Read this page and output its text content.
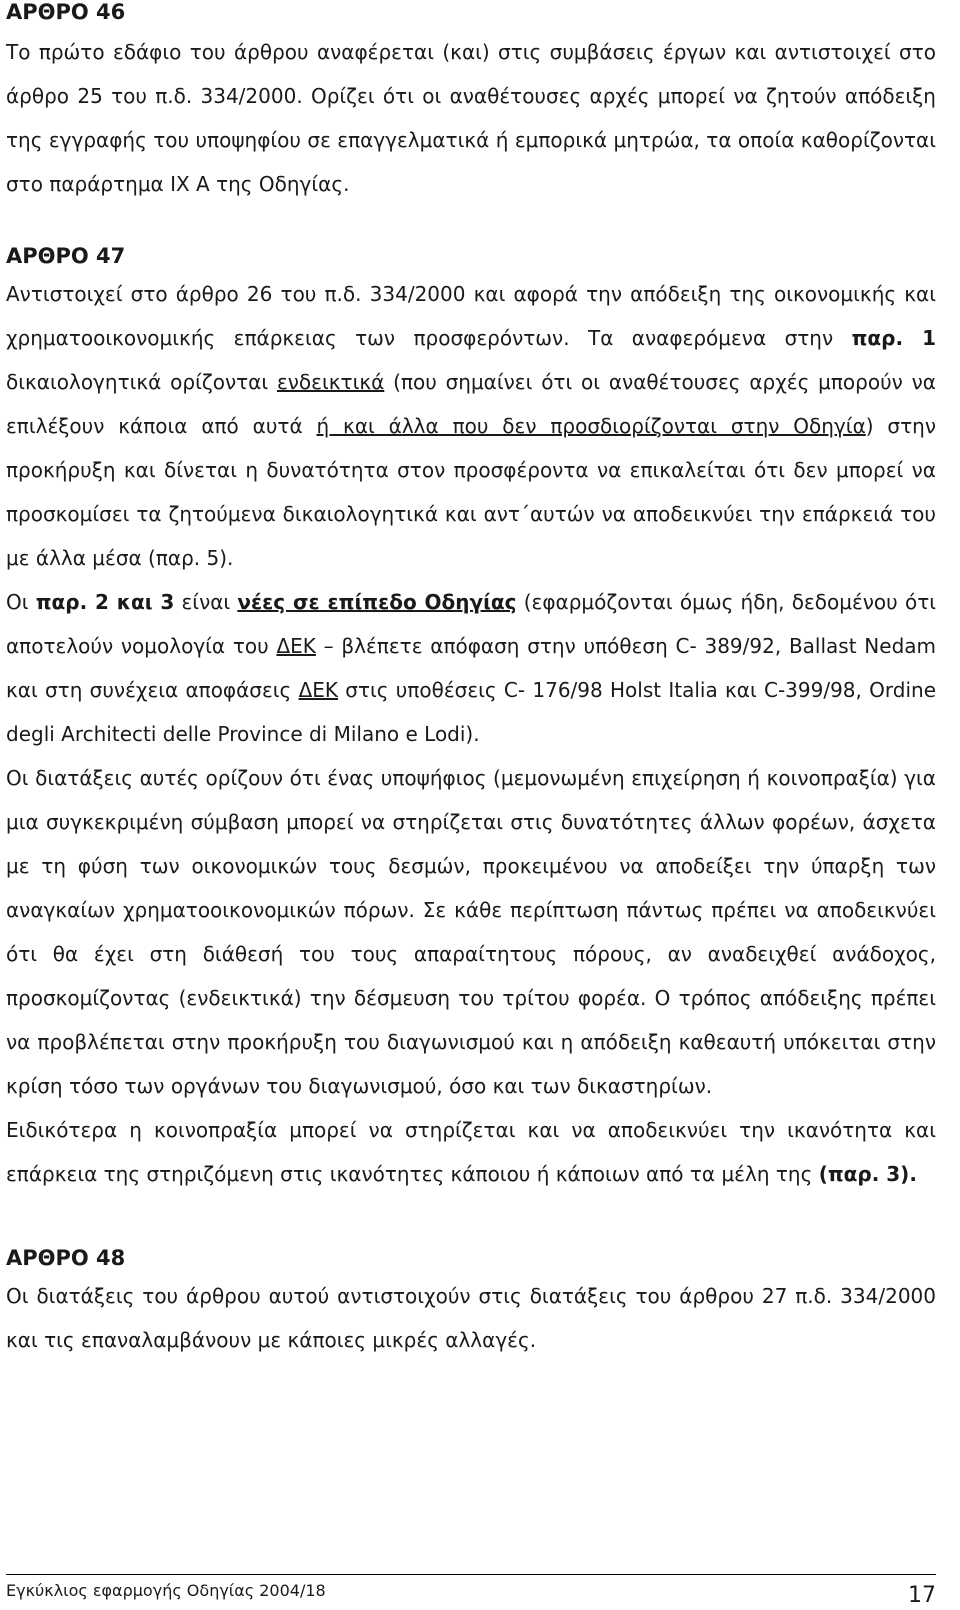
ΑΡΘΡΟ 46

Το πρώτο εδάφιο του άρθρου αναφέρεται (και) στις συμβάσεις έργων και αντιστοιχεί στο άρθρο 25 του π.δ. 334/2000. Ορίζει ότι οι αναθέτουσες αρχές μπορεί να ζητούν απόδειξη της εγγραφής του υποψηφίου σε επαγγελματικά ή εμπορικά μητρώα, τα οποία καθορίζονται στο παράρτημα IX Α της Οδηγίας.

ΑΡΘΡΟ 47

Αντιστοιχεί στο άρθρο 26 του π.δ. 334/2000 και αφορά την απόδειξη της οικονομικής και χρηματοοικονομικής επάρκειας των προσφερόντων. Τα αναφερόμενα στην παρ. 1 δικαιολογητικά ορίζονται ενδεικτικά (που σημαίνει ότι οι αναθέτουσες αρχές μπορούν να επιλέξουν κάποια από αυτά ή και άλλα που δεν προσδιορίζονται στην Οδηγία) στην προκήρυξη και δίνεται η δυνατότητα στον προσφέροντα να επικαλείται ότι δεν μπορεί να προσκομίσει τα ζητούμενα δικαιολογητικά και αντ΄αυτών να αποδεικνύει την επάρκειά του με άλλα μέσα (παρ. 5).

Οι παρ. 2 και 3 είναι νέες σε επίπεδο Οδηγίας (εφαρμόζονται όμως ήδη, δεδομένου ότι αποτελούν νομολογία του ΔΕΚ – βλέπετε απόφαση στην υπόθεση C- 389/92, Ballast Nedam και στη συνέχεια αποφάσεις ΔΕΚ στις υποθέσεις C- 176/98 Holst Italia και C-399/98, Ordine degli Architecti delle Province di Milano e Lodi).

Οι διατάξεις αυτές ορίζουν ότι ένας υποψήφιος (μεμονωμένη επιχείρηση ή κοινοπραξία) για μια συγκεκριμένη σύμβαση μπορεί να στηρίζεται στις δυνατότητες άλλων φορέων, άσχετα με τη φύση των οικονομικών τους δεσμών, προκειμένου να αποδείξει την ύπαρξη των αναγκαίων χρηματοοικονομικών πόρων. Σε κάθε περίπτωση πάντως πρέπει να αποδεικνύει ότι θα έχει στη διάθεσή του τους απαραίτητους πόρους, αν αναδειχθεί ανάδοχος, προσκομίζοντας (ενδεικτικά) την δέσμευση του τρίτου φορέα. Ο τρόπος απόδειξης πρέπει να προβλέπεται στην προκήρυξη του διαγωνισμού και η απόδειξη καθεαυτή υπόκειται στην κρίση τόσο των οργάνων του διαγωνισμού, όσο και των δικαστηρίων.

Ειδικότερα η κοινοπραξία μπορεί να στηρίζεται και να αποδεικνύει την ικανότητα και επάρκεια της στηριζόμενη στις ικανότητες κάποιου ή κάποιων από τα μέλη της (παρ. 3).

ΑΡΘΡΟ 48

Οι διατάξεις του άρθρου αυτού αντιστοιχούν στις διατάξεις του άρθρου 27 π.δ. 334/2000 και τις επαναλαμβάνουν με κάποιες μικρές αλλαγές.

Εγκύκλιος εφαρμογής Οδηγίας 2004/18	17
